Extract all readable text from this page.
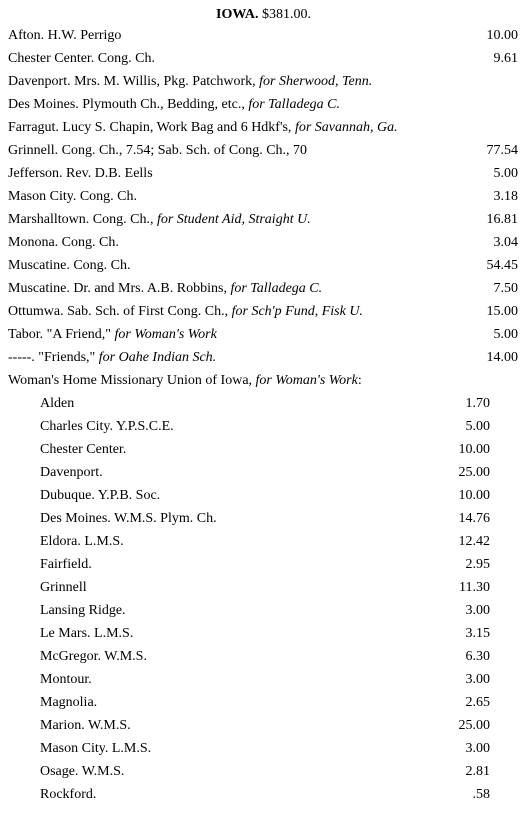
IOWA. $381.00.
Afton. H.W. Perrigo	10.00
Chester Center. Cong. Ch.	9.61
Davenport. Mrs. M. Willis, Pkg. Patchwork, for Sherwood, Tenn.
Des Moines. Plymouth Ch., Bedding, etc., for Talladega C.
Farragut. Lucy S. Chapin, Work Bag and 6 Hdkf's, for Savannah, Ga.
Grinnell. Cong. Ch., 7.54; Sab. Sch. of Cong. Ch., 70	77.54
Jefferson. Rev. D.B. Eells	5.00
Mason City. Cong. Ch.	3.18
Marshalltown. Cong. Ch., for Student Aid, Straight U.	16.81
Monona. Cong. Ch.	3.04
Muscatine. Cong. Ch.	54.45
Muscatine. Dr. and Mrs. A.B. Robbins, for Talladega C.	7.50
Ottumwa. Sab. Sch. of First Cong. Ch., for Sch'p Fund, Fisk U.	15.00
Tabor. "A Friend," for Woman's Work	5.00
-----. "Friends," for Oahe Indian Sch.	14.00
Woman's Home Missionary Union of Iowa, for Woman's Work:
Alden	1.70
Charles City. Y.P.S.C.E.	5.00
Chester Center.	10.00
Davenport.	25.00
Dubuque. Y.P.B. Soc.	10.00
Des Moines. W.M.S. Plym. Ch.	14.76
Eldora. L.M.S.	12.42
Fairfield.	2.95
Grinnell	11.30
Lansing Ridge.	3.00
Le Mars. L.M.S.	3.15
McGregor. W.M.S.	6.30
Montour.	3.00
Magnolia.	2.65
Marion. W.M.S.	25.00
Mason City. L.M.S.	3.00
Osage. W.M.S.	2.81
Rockford.	.58
